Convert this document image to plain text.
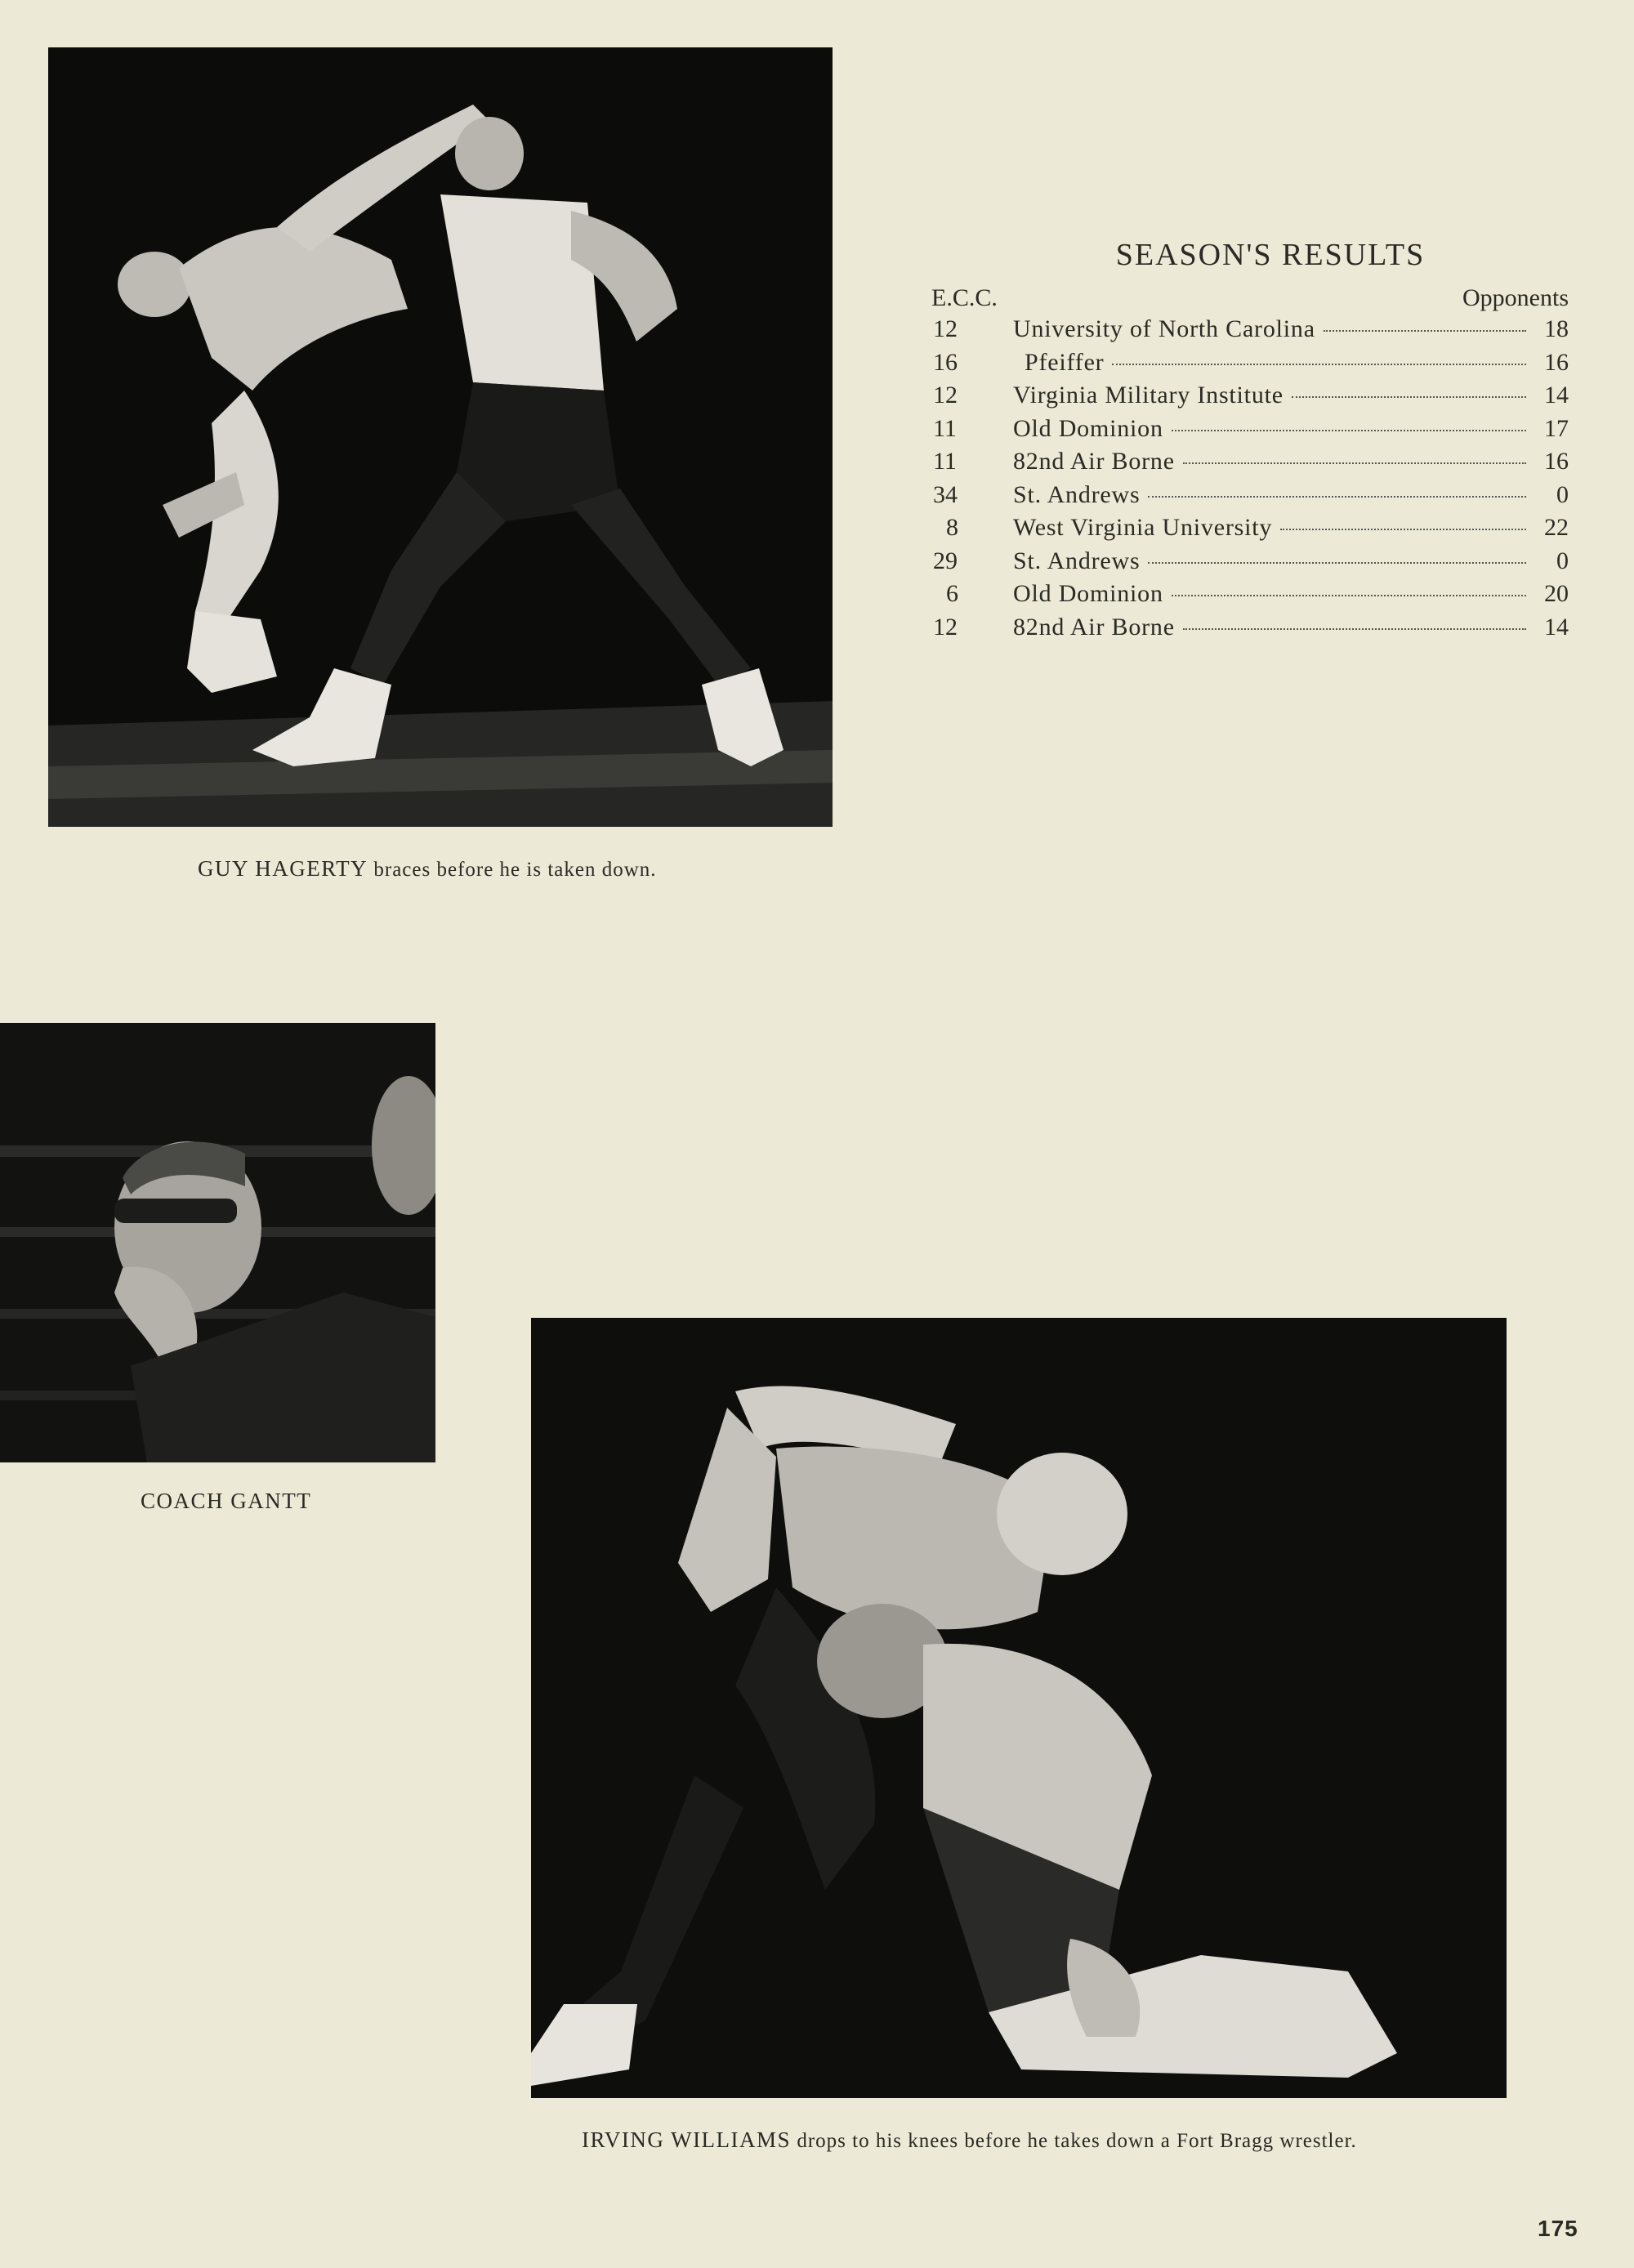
GUY HAGERTY braces before he is taken down.
SEASON'S RESULTS
E.C.C.	Opponents
12	University of North Carolina	18
16	Pfeiffer	16
12	Virginia Military Institute	14
11	Old Dominion	17
11	82nd Air Borne	16
34	St. Andrews	0
8	West Virginia University	22
29	St. Andrews	0
6	Old Dominion	20
12	82nd Air Borne	14
COACH GANTT
IRVING WILLIAMS drops to his knees before he takes down a Fort Bragg wrestler.
175
